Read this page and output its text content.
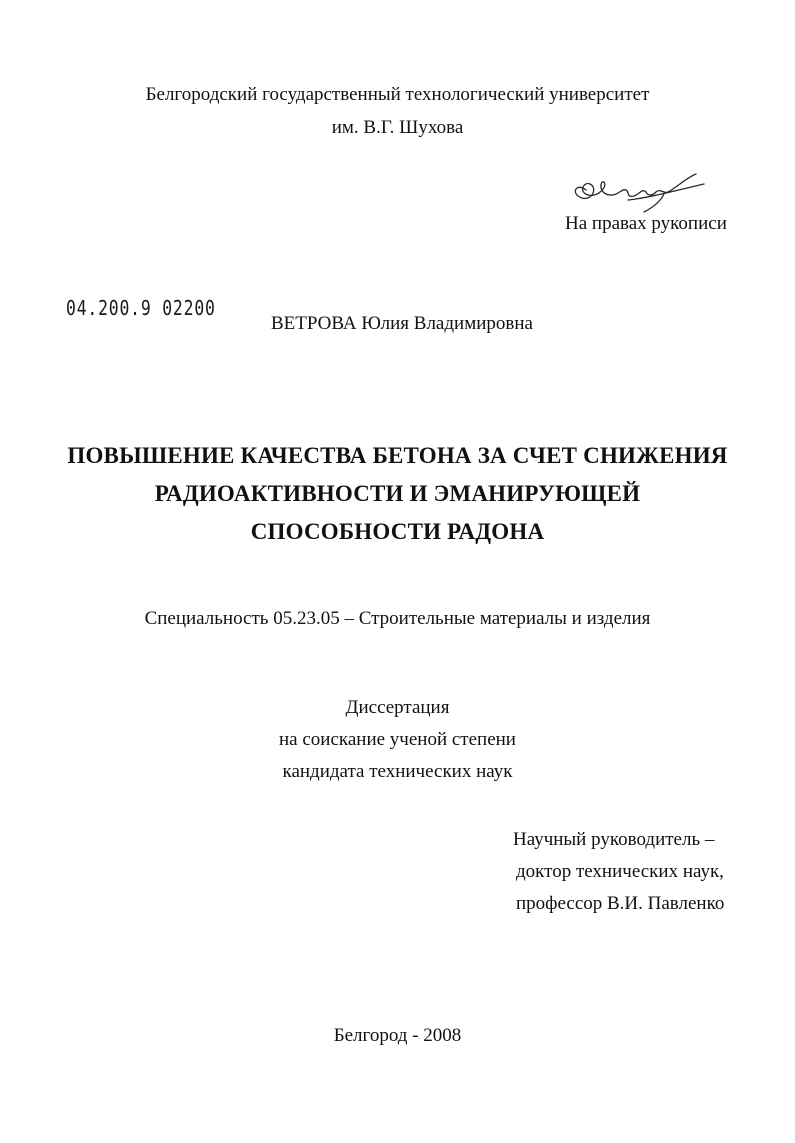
Белгородский государственный технологический университет
им. В.Г. Шухова
На правах рукописи
04.200.9 02200
ВЕТРОВА Юлия Владимировна
ПОВЫШЕНИЕ КАЧЕСТВА БЕТОНА ЗА СЧЕТ СНИЖЕНИЯ
РАДИОАКТИВНОСТИ И ЭМАНИРУЮЩЕЙ
СПОСОБНОСТИ РАДОНА
Специальность 05.23.05 – Строительные материалы и изделия
Диссертация
на соискание ученой степени
кандидата технических наук
Научный руководитель –
доктор технических наук,
профессор В.И. Павленко
Белгород - 2008
